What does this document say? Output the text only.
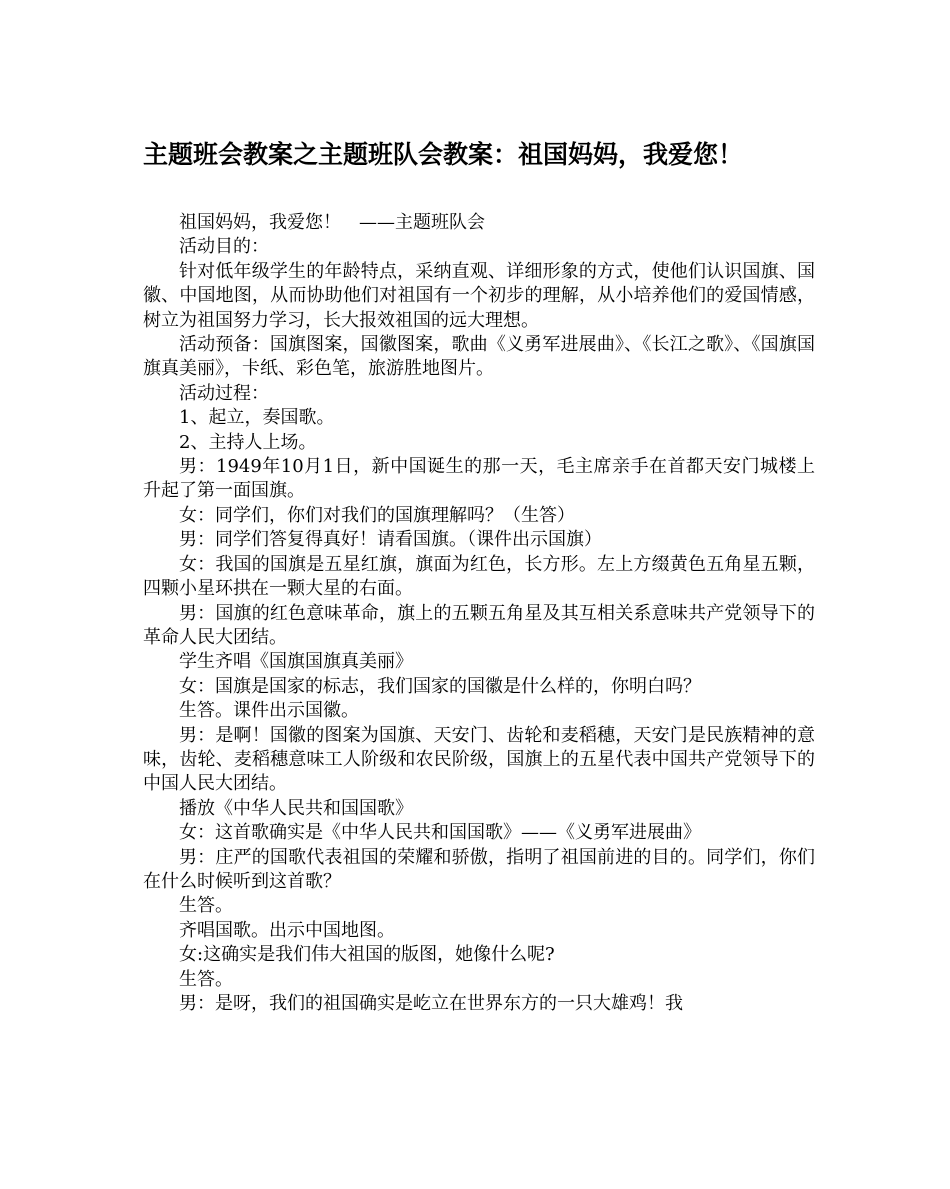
主题班会教案之主题班队会教案：祖国妈妈，我爱您！

祖国妈妈，我爱您！　——主题班队会

活动目的：

针对低年级学生的年龄特点，采纳直观、详细形象的方式，使他们认识国旗、国徽、中国地图，从而协助他们对祖国有一个初步的理解，从小培养他们的爱国情感，树立为祖国努力学习，长大报效祖国的远大理想。

活动预备：国旗图案，国徽图案，歌曲《义勇军进展曲》、《长江之歌》、《国旗国旗真美丽》，卡纸、彩色笔，旅游胜地图片。

活动过程：

1、起立，奏国歌。

2、主持人上场。

男：1949年10月1日，新中国诞生的那一天，毛主席亲手在首都天安门城楼上升起了第一面国旗。

女：同学们，你们对我们的国旗理解吗？（生答）

男：同学们答复得真好！请看国旗。（课件出示国旗）

女：我国的国旗是五星红旗，旗面为红色，长方形。左上方缀黄色五角星五颗，四颗小星环拱在一颗大星的右面。

男：国旗的红色意味革命，旗上的五颗五角星及其互相关系意味共产党领导下的革命人民大团结。

学生齐唱《国旗国旗真美丽》

女：国旗是国家的标志，我们国家的国徽是什么样的，你明白吗？

生答。课件出示国徽。

男：是啊！国徽的图案为国旗、天安门、齿轮和麦稻穗，天安门是民族精神的意味，齿轮、麦稻穗意味工人阶级和农民阶级，国旗上的五星代表中国共产党领导下的中国人民大团结。

播放《中华人民共和国国歌》

女：这首歌确实是《中华人民共和国国歌》——《义勇军进展曲》

男：庄严的国歌代表祖国的荣耀和骄傲，指明了祖国前进的目的。同学们，你们在什么时候听到这首歌？

生答。

齐唱国歌。出示中国地图。

女:这确实是我们伟大祖国的版图，她像什么呢?

生答。

男：是呀，我们的祖国确实是屹立在世界东方的一只大雄鸡！我
